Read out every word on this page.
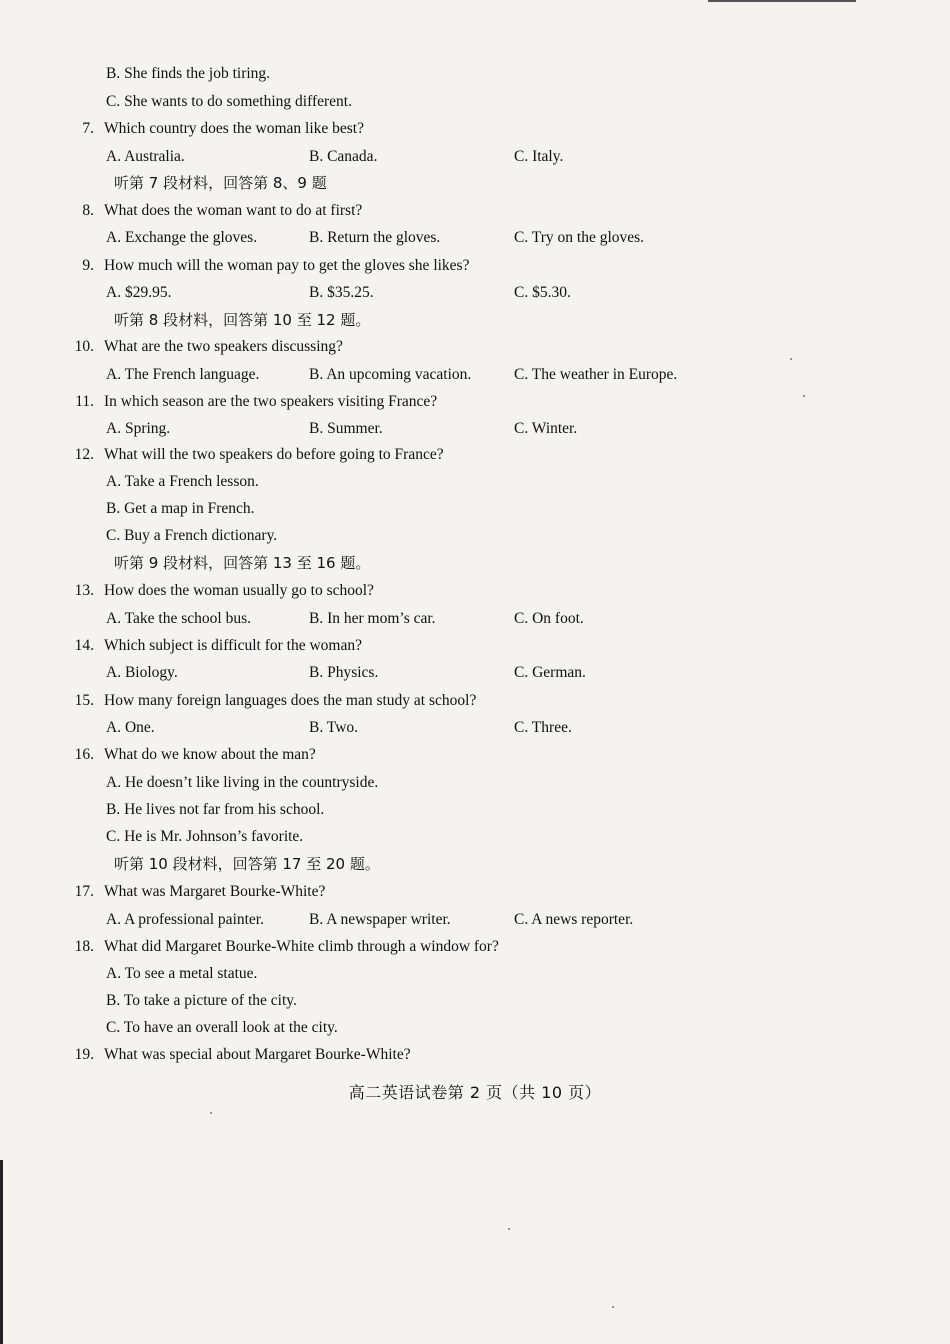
B. She finds the job tiring.
C. She wants to do something different.
7. Which country does the woman like best?
A. Australia.	B. Canada.	C. Italy.
听第 7 段材料，回答第 8、9 题
8. What does the woman want to do at first?
A. Exchange the gloves.	B. Return the gloves.	C. Try on the gloves.
9. How much will the woman pay to get the gloves she likes?
A. $29.95.	B. $35.25.	C. $5.30.
听第 8 段材料，回答第 10 至 12 题。
10. What are the two speakers discussing?
A. The French language.	B. An upcoming vacation.	C. The weather in Europe.
11. In which season are the two speakers visiting France?
A. Spring.	B. Summer.	C. Winter.
12. What will the two speakers do before going to France?
A. Take a French lesson.
B. Get a map in French.
C. Buy a French dictionary.
听第 9 段材料，回答第 13 至 16 题。
13. How does the woman usually go to school?
A. Take the school bus.	B. In her mom’s car.	C. On foot.
14. Which subject is difficult for the woman?
A. Biology.	B. Physics.	C. German.
15. How many foreign languages does the man study at school?
A. One.	B. Two.	C. Three.
16. What do we know about the man?
A. He doesn’t like living in the countryside.
B. He lives not far from his school.
C. He is Mr. Johnson’s favorite.
听第 10 段材料，回答第 17 至 20 题。
17. What was Margaret Bourke-White?
A. A professional painter.	B. A newspaper writer.	C. A news reporter.
18. What did Margaret Bourke-White climb through a window for?
A. To see a metal statue.
B. To take a picture of the city.
C. To have an overall look at the city.
19. What was special about Margaret Bourke-White?
高二英语试卷第 2 页（共 10 页）
